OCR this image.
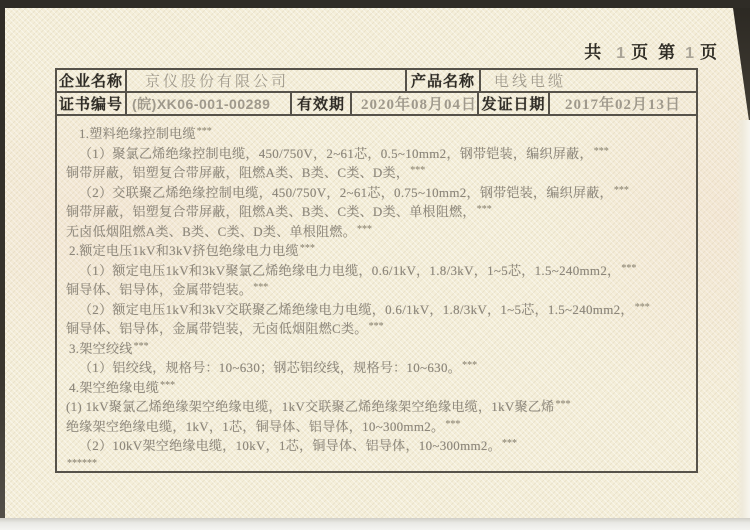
共 1 页 第 1 页
企业名称	京仪股份有限公司	产品名称	电线电缆
证书编号 (皖)XK06-001-00289	有效期	2020年08月04日 发证日期	2017年02月13日
1.塑料绝缘控制电缆***
（1）聚氯乙烯绝缘控制电缆，450/750V，2~61芯，0.5~10mm2，钢带铠装，编织屏蔽，***
铜带屏蔽，铝塑复合带屏蔽，阻燃A类、B类、C类、D类，***
（2）交联聚乙烯绝缘控制电缆，450/750V，2~61芯，0.75~10mm2，钢带铠装，编织屏蔽，***
铜带屏蔽，铝塑复合带屏蔽，阻燃A类、B类、C类、D类、单根阻燃，***
无卤低烟阻燃A类、B类、C类、D类、单根阻燃。***
2.额定电压1kV和3kV挤包绝缘电力电缆***
（1）额定电压1kV和3kV聚氯乙烯绝缘电力电缆，0.6/1kV，1.8/3kV，1~5芯，1.5~240mm2，***
铜导体、铝导体，金属带铠装。***
（2）额定电压1kV和3kV交联聚乙烯绝缘电力电缆，0.6/1kV，1.8/3kV，1~5芯，1.5~240mm2，***
铜导体、铝导体，金属带铠装，无卤低烟阻燃C类。***
3.架空绞线***
（1）铝绞线，规格号：10~630；钢芯铝绞线，规格号：10~630。***
4.架空绝缘电缆***
(1) 1kV聚氯乙烯绝缘架空绝缘电缆，1kV交联聚乙烯绝缘架空绝缘电缆，1kV聚乙烯***
绝缘架空绝缘电缆，1kV，1芯，铜导体、铝导体，10~300mm2。***
（2）10kV架空绝缘电缆，10kV，1芯，铜导体、铝导体，10~300mm2。***
******
